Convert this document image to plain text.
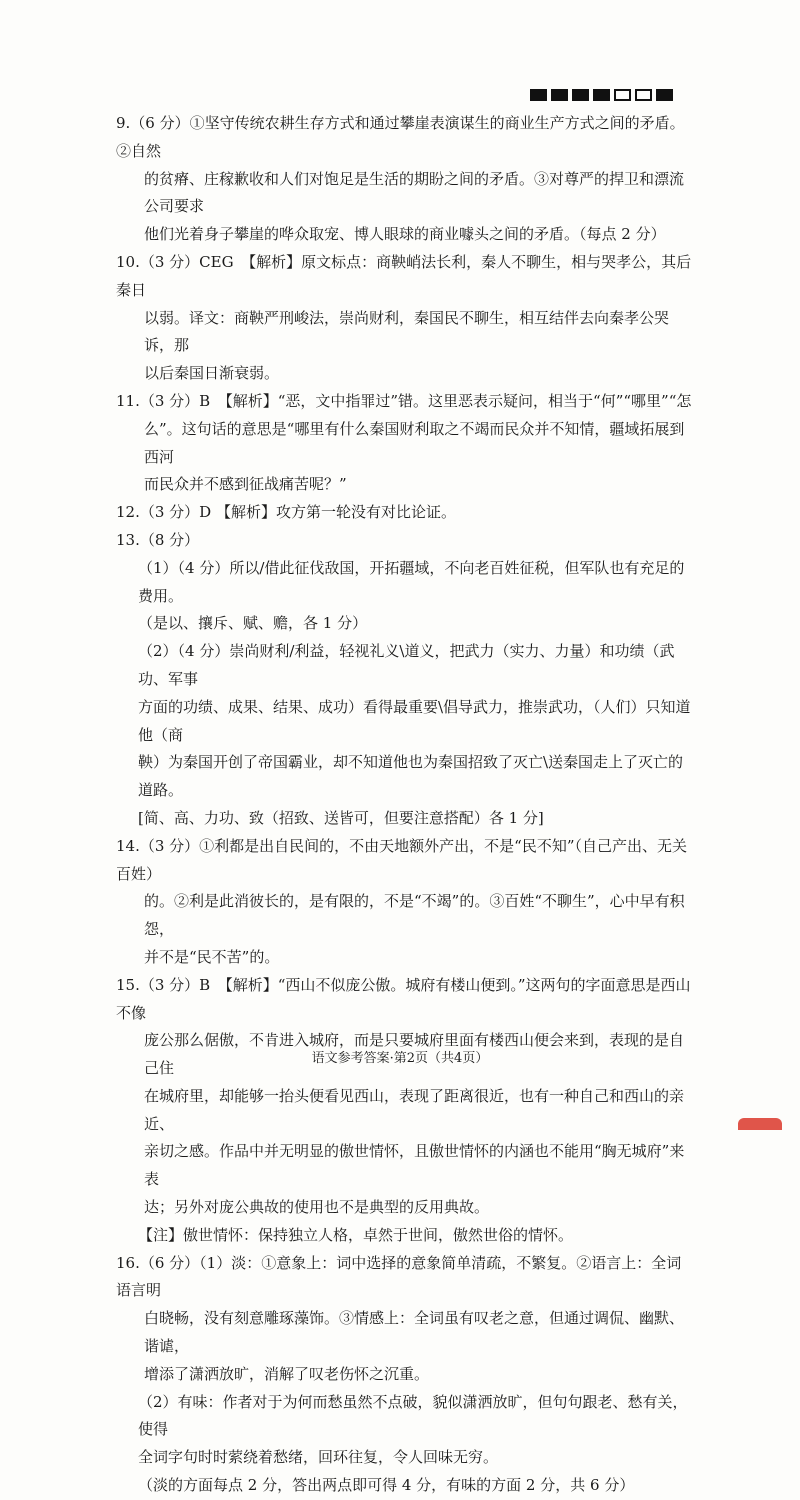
9.（6 分）①坚守传统农耕生存方式和通过攀崖表演谋生的商业生产方式之间的矛盾。②自然

的贫瘠、庄稼歉收和人们对饱足是生活的期盼之间的矛盾。③对尊严的捍卫和漂流公司要求

他们光着身子攀崖的哗众取宠、博人眼球的商业噱头之间的矛盾。（每点 2 分）

10.（3 分）CEG　【解析】原文标点：商鞅峭法长利，秦人不聊生，相与哭孝公，其后秦日

以弱。译文：商鞅严刑峻法，崇尚财利，秦国民不聊生，相互结伴去向秦孝公哭诉，那

以后秦国日渐衰弱。

11.（3 分）B　【解析】“恶，文中指罪过”错。这里恶表示疑问，相当于“何”“哪里”“怎

么”。这句话的意思是“哪里有什么秦国财利取之不竭而民众并不知情，疆域拓展到西河

而民众并不感到征战痛苦呢？”

12.（3 分）D 【解析】攻方第一轮没有对比论证。

13.（8 分）

（1）（4 分）所以/借此征伐敌国，开拓疆域，不向老百姓征税，但军队也有充足的费用。

（是以、攘斥、赋、赡，各 1 分）

（2）（4 分）崇尚财利/利益，轻视礼义\道义，把武力（实力、力量）和功绩（武功、军事

方面的功绩、成果、结果、成功）看得最重要\倡导武力，推崇武功，（人们）只知道他（商

鞅）为秦国开创了帝国霸业，却不知道他也为秦国招致了灭亡\送秦国走上了灭亡的道路。

[简、高、力功、致（招致、送皆可，但要注意搭配）各 1 分]

14.（3 分）①利都是出自民间的，不由天地额外产出，不是“民不知”（自己产出、无关百姓）

的。②利是此消彼长的，是有限的，不是“不竭”的。③百姓“不聊生”，心中早有积怨，

并不是“民不苦”的。

15.（3 分）B　【解析】“西山不似庞公傲。城府有楼山便到。”这两句的字面意思是西山不像

庞公那么倨傲，不肯进入城府，而是只要城府里面有楼西山便会来到，表现的是自己住

在城府里，却能够一抬头便看见西山，表现了距离很近，也有一种自己和西山的亲近、

亲切之感。作品中并无明显的傲世情怀，且傲世情怀的内涵也不能用“胸无城府”来表

达；另外对庞公典故的使用也不是典型的反用典故。

【注】傲世情怀：保持独立人格，卓然于世间，傲然世俗的情怀。

16.（6 分）（1）淡：①意象上：词中选择的意象简单清疏，不繁复。②语言上：全词语言明

白晓畅，没有刻意雕琢藻饰。③情感上：全词虽有叹老之意，但通过调侃、幽默、谐谑，

增添了潇洒放旷，消解了叹老伤怀之沉重。

（2）有味：作者对于为何而愁虽然不点破，貌似潇洒放旷，但句句跟老、愁有关，使得

全词字句时时萦绕着愁绪，回环往复，令人回味无穷。

（淡的方面每点 2 分，答出两点即可得 4 分，有味的方面 2 分，共 6 分）

语文参考答案·第2页（共4页）
